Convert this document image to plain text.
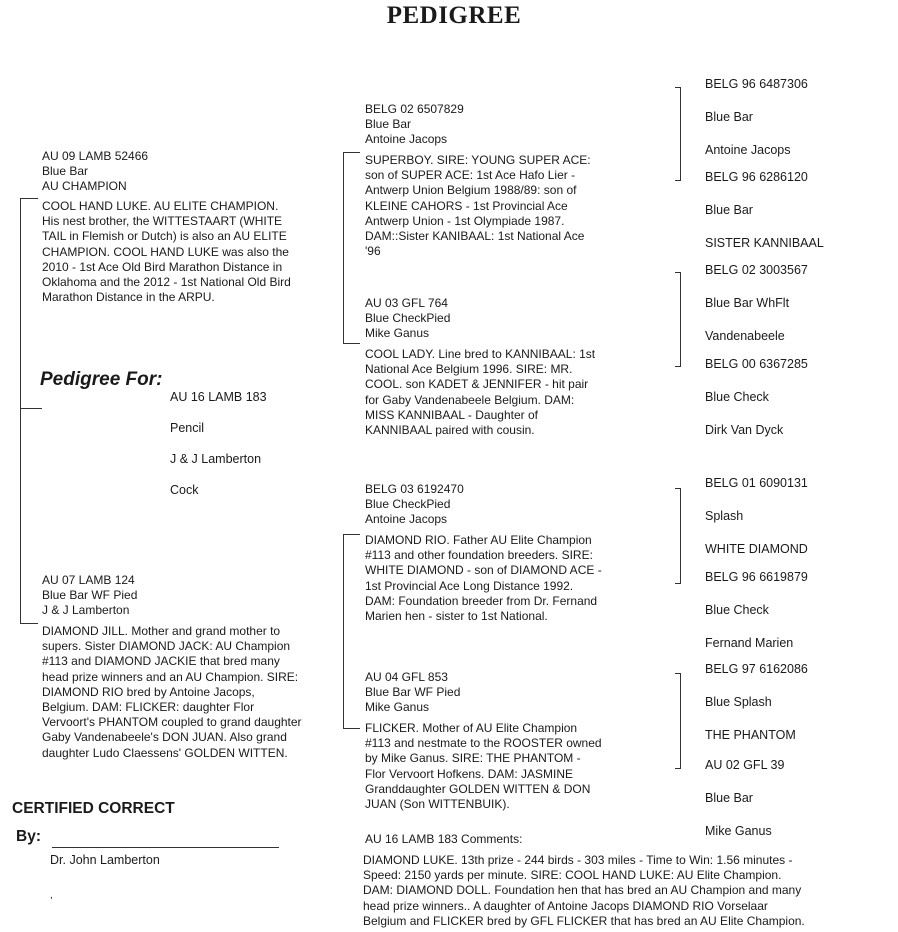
PEDIGREE
Pedigree For:

AU 16 LAMB 183

Pencil

J & J Lamberton

Cock

AU 09 LAMB 52466
Blue Bar
AU CHAMPION
COOL HAND LUKE. AU ELITE CHAMPION.
His nest brother, the WITTESTAART (WHITE
TAIL in Flemish or Dutch) is also an AU ELITE
CHAMPION. COOL HAND LUKE was also the
2010 - 1st Ace Old Bird Marathon Distance in
Oklahoma and the 2012 - 1st National Old Bird
Marathon Distance in the ARPU.
AU 07 LAMB 124
Blue Bar WF Pied
J & J Lamberton
DIAMOND JILL. Mother and grand mother to
supers. Sister DIAMOND JACK: AU Champion
#113 and DIAMOND JACKIE that bred many
head prize winners and an AU Champion. SIRE:
DIAMOND RIO bred by Antoine Jacops,
Belgium. DAM: FLICKER: daughter Flor
Vervoort's PHANTOM coupled to grand daughter
Gaby Vandenabeele's DON JUAN. Also grand
daughter Ludo Claessens' GOLDEN WITTEN.
BELG 02 6507829
Blue Bar
Antoine Jacops
SUPERBOY. SIRE: YOUNG SUPER ACE:
son of SUPER ACE: 1st Ace Hafo Lier -
Antwerp Union Belgium 1988/89: son of
KLEINE CAHORS - 1st Provincial Ace
Antwerp Union - 1st Olympiade 1987.
DAM::Sister KANIBAAL: 1st National Ace
'96
AU 03 GFL 764
Blue CheckPied
Mike Ganus
COOL LADY. Line bred to KANNIBAAL: 1st
National Ace Belgium 1996. SIRE: MR.
COOL. son KADET & JENNIFER - hit pair
for Gaby Vandenabeele Belgium. DAM:
MISS KANNIBAAL - Daughter of
KANNIBAAL paired with cousin.
BELG 03 6192470
Blue CheckPied
Antoine Jacops
DIAMOND RIO. Father AU Elite Champion
#113 and other foundation breeders. SIRE:
WHITE DIAMOND - son of DIAMOND ACE -
1st Provincial Ace Long Distance 1992.
DAM: Foundation breeder from Dr. Fernand
Marien hen - sister to 1st National.
AU 04 GFL 853
Blue Bar WF Pied
Mike Ganus
FLICKER. Mother of AU Elite Champion
#113 and nestmate to the ROOSTER owned
by Mike Ganus. SIRE: THE PHANTOM -
Flor Vervoort Hofkens. DAM: JASMINE
Granddaughter GOLDEN WITTEN & DON
JUAN (Son WITTENBUIK).

BELG 96 6487306

Blue Bar

Antoine Jacops

BELG 96 6286120

Blue Bar

SISTER KANNIBAAL

BELG 02 3003567

Blue Bar WhFlt

Vandenabeele

BELG 00 6367285

Blue Check

Dirk Van Dyck

BELG 01 6090131

Splash

WHITE DIAMOND

BELG 96 6619879

Blue Check

Fernand Marien

BELG 97 6162086

Blue Splash

THE PHANTOM

AU 02 GFL 39

Blue Bar

Mike Ganus

AU 16 LAMB 183 Comments:
DIAMOND LUKE. 13th prize - 244 birds - 303 miles - Time to Win: 1.56 minutes -
Speed: 2150 yards per minute. SIRE: COOL HAND LUKE: AU Elite Champion.
DAM: DIAMOND DOLL. Foundation hen that has bred an AU Champion and many
head prize winners.. A daughter of Antoine Jacops DIAMOND RIO Vorselaar
Belgium and FLICKER bred by GFL FLICKER that has bred an AU Elite Champion.
CERTIFIED CORRECT
By:
Dr. John Lamberton
,
